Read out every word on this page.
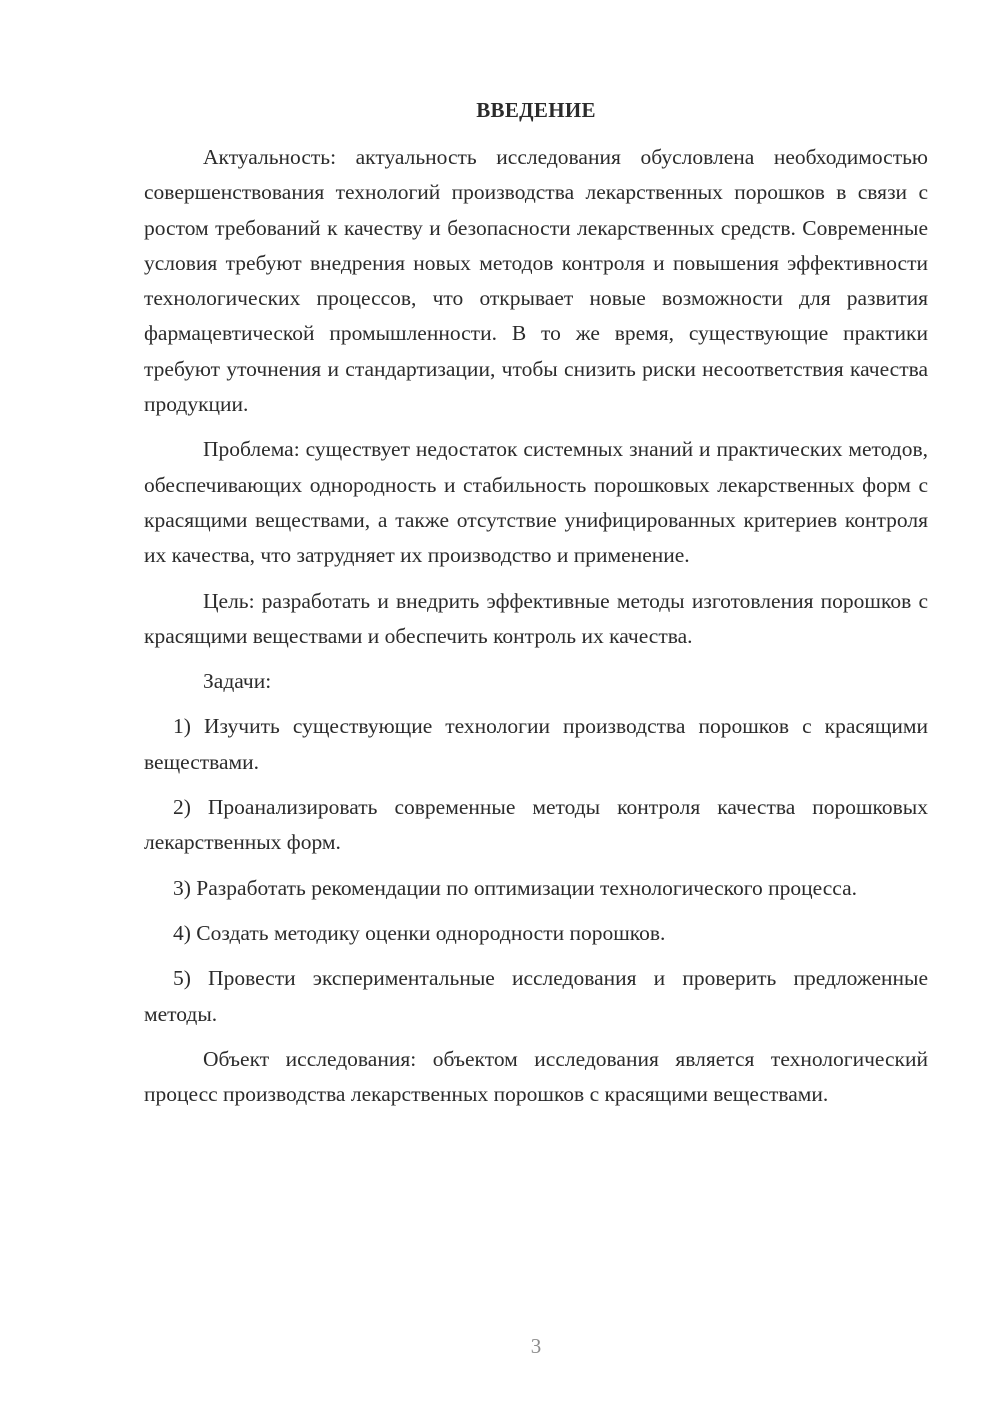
ВВЕДЕНИЕ

Актуальность: актуальность исследования обусловлена необходимостью совершенствования технологий производства лекарственных порошков в связи с ростом требований к качеству и безопасности лекарственных средств. Современные условия требуют внедрения новых методов контроля и повышения эффективности технологических процессов, что открывает новые возможности для развития фармацевтической промышленности. В то же время, существующие практики требуют уточнения и стандартизации, чтобы снизить риски несоответствия качества продукции.

Проблема: существует недостаток системных знаний и практических методов, обеспечивающих однородность и стабильность порошковых лекарственных форм с красящими веществами, а также отсутствие унифицированных критериев контроля их качества, что затрудняет их производство и применение.

Цель: разработать и внедрить эффективные методы изготовления порошков с красящими веществами и обеспечить контроль их качества.

Задачи:

1) Изучить существующие технологии производства порошков с красящими веществами.

2) Проанализировать современные методы контроля качества порошковых лекарственных форм.

3) Разработать рекомендации по оптимизации технологического процесса.

4) Создать методику оценки однородности порошков.

5) Провести экспериментальные исследования и проверить предложенные методы.

Объект исследования: объектом исследования является технологический процесс производства лекарственных порошков с красящими веществами.

3
